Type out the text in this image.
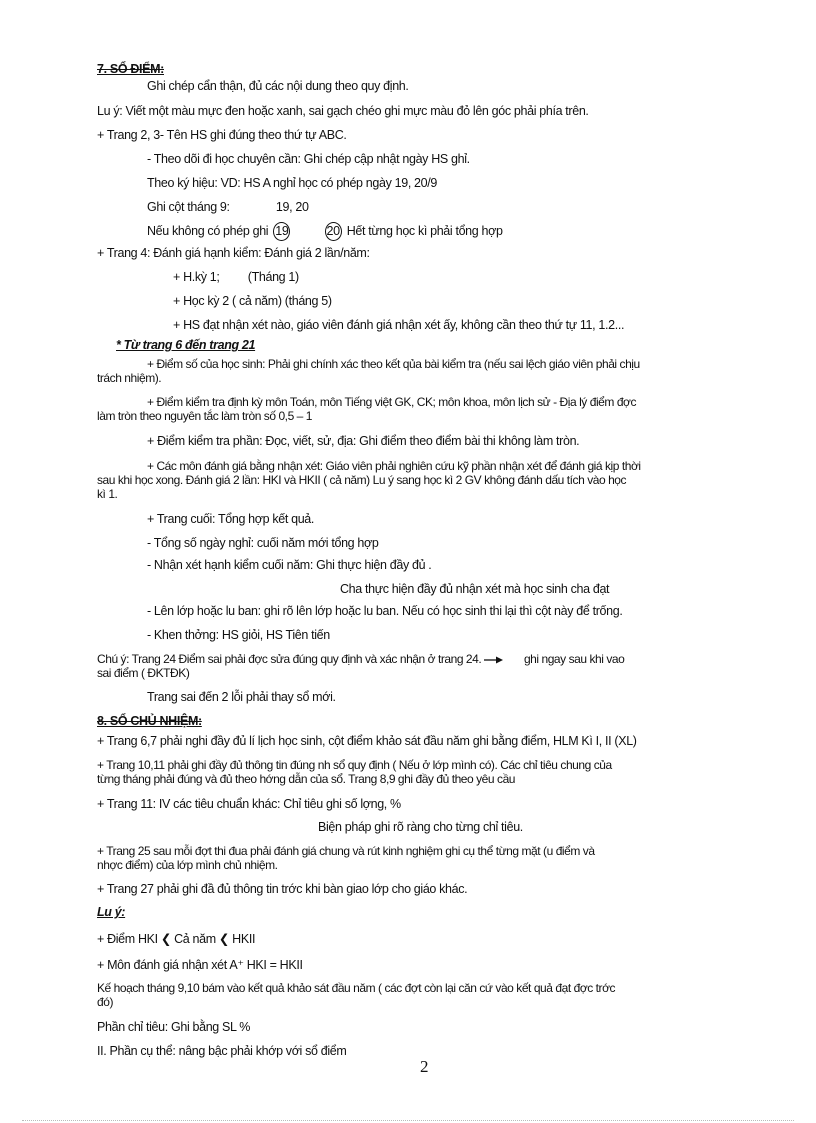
7. SỔ ĐIỂM:
Ghi chép cẩn thận, đủ các nội dung theo quy định.
Lu ý: Viết một màu mực đen hoặc xanh, sai gạch chéo ghi mực màu đỏ lên góc phải phía trên.
+ Trang 2, 3- Tên HS ghi đúng theo thứ tự ABC.
- Theo dõi đi học chuyên cần: Ghi chép cập nhật ngày HS ghỉ.
Theo ký hiệu: VD: HS A nghỉ học có phép ngày 19, 20/9
Ghi cột tháng 9:	19, 20
Nếu không có phép ghi 19	20 Hết từng học kì phải tổng hợp
+ Trang 4: Đánh giá hạnh kiểm: Đánh giá 2 lần/năm:
+ H.kỳ 1; (Tháng 1)
+ Học kỳ 2 ( cả năm) (tháng 5)
+ HS đạt nhận xét nào, giáo viên đánh giá nhận xét ấy, không cần theo thứ tự 11, 1.2...
* Từ trang 6 đến trang 21
+ Điểm số của học sinh: Phải ghi chính xác theo kết qủa bài kiểm tra (nếu sai lệch giáo viên phải chịu
trách nhiệm).
+ Điểm kiểm tra định kỳ môn Toán, môn Tiếng việt GK, CK; môn khoa, môn lịch sử - Địa lý điểm đợc
làm tròn theo nguyên tắc làm tròn số 0,5 – 1
+ Điểm kiểm tra phần: Đọc, viết, sử, địa: Ghi điểm theo điểm bài thi không làm tròn.
+ Các môn đánh giá bằng nhận xét: Giáo viên phải nghiên cứu kỹ phần nhận xét để đánh giá kịp thời
sau khi học xong. Đánh giá 2 lần: HKI và HKII ( cả năm) Lu ý sang học kì 2 GV không đánh dấu tích vào học
kì 1.
+ Trang cuối: Tổng hợp kết quả.
- Tổng số ngày nghỉ: cuối năm mới tổng hợp
- Nhận xét hạnh kiểm cuối năm: Ghi thực hiện đầy đủ .
Cha thực hiện đầy đủ nhận xét mà học sinh cha đạt
- Lên lớp hoặc lu ban: ghi rõ lên lớp hoặc lu ban. Nếu có học sinh thi lại thì cột này để trống.
- Khen thởng: HS giỏi, HS Tiên tiến
Chú ý: Trang 24 Điểm sai phải đợc sửa đúng quy định và xác nhận ở trang 24.	ghi ngay sau khi vao
sai điểm ( ĐKTĐK)
Trang sai đến 2 lỗi phải thay sổ mới.
8. SỔ CHỦ NHIỆM:
+ Trang 6,7 phải nghi đầy đủ lí lịch học sinh, cột điểm khảo sát đầu năm ghi bằng điểm, HLM Kì I, II (XL)
+ Trang 10,11 phải ghi đầy đủ thông tin đúng nh sổ quy định ( Nếu ở lớp mình có). Các chỉ tiêu chung của
từng tháng phải đúng và đủ theo hớng dẫn của sổ. Trang 8,9 ghi đầy đủ theo yêu cầu
+ Trang 11: IV các tiêu chuẩn khác: Chỉ tiêu ghi số lợng, %
Biện pháp ghi rõ ràng cho từng chỉ tiêu.
+ Trang 25 sau mỗi đợt thi đua phải đánh giá chung và rút kinh nghiệm ghi cụ thể từng mặt (u điểm và
nhợc điểm) của lớp mình chủ nhiệm.
+ Trang 27 phải ghi đầ đủ thông tin trớc khi bàn giao lớp cho giáo khác.
Lu ý:
+ Điểm HKI ❮ Cả năm ❮ HKII
+ Môn đánh giá nhận xét A⁺ HKI = HKII
Kế hoạch tháng 9,10 bám vào kết quả khảo sát đầu năm ( các đợt còn lại căn cứ vào kết quả đạt đợc trớc
đó)
Phần chỉ tiêu: Ghi bằng SL %
II. Phần cụ thể: nâng bậc phải khớp với sổ điểm
2
